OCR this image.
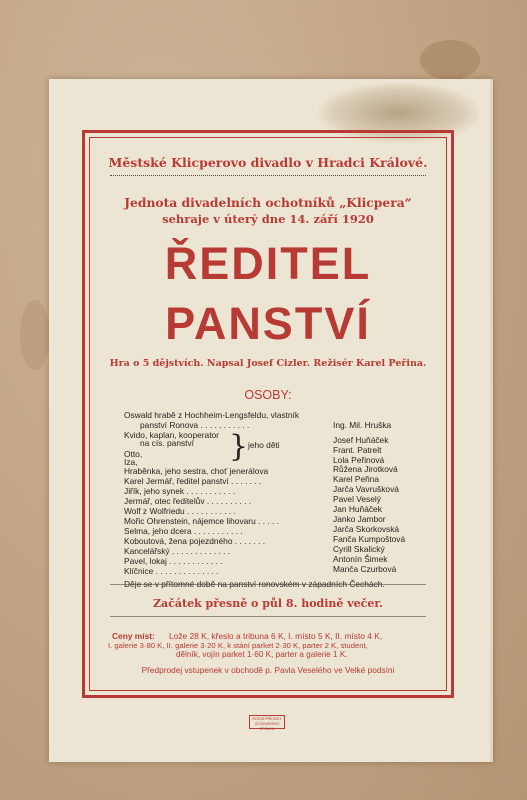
Městské Klicperovo divadlo v Hradci Králové.
Jednota divadelních ochotníků „Klicpera“
sehraje v úterý dne 14. září 1920
ŘEDITEL
PANSTVÍ
Hra o 5 dějstvích. Napsal Josef Cizler. Režisér Karel Peřina.
OSOBY:
Oswald hrabě z Hochheim-Lengsfeldu, vlastník
panství Ronova . . . . . . . . . . .	Ing. Mil. Hruška
Kvido, kaplan, kooperator
na cís. panství	Josef Huňáček
Otto,	Frant. Patrelt
Iza,	Lola Peřinová
Hraběnka, jeho sestra, choť jenerálova	Růžena Jirotková
Karel Jermář, ředitel panství . . . . . . .	Karel Peřina
Jiřík, jeho synek . . . . . . . . . . .	Jarča Vavrušková
Jermář, otec ředitelův . . . . . . . . . .	Pavel Veselý
Wolf z Wolfriedu . . . . . . . . . . .	Jan Huňáček
Mořic Ohrenstein, nájemce lihovaru . . . . .	Janko Jambor
Selma, jeho dcera . . . . . . . . . . .	Jarča Skorkovská
Koboutová, žena pojezdného . . . . . . .	Fanča Kumpoštová
Kancelářský . . . . . . . . . . . . .	Cyrill Skalický
Pavel, lokaj . . . . . . . . . . . .	Antonín Šimek
Klíčnice . . . . . . . . . . . . . .	Manča Czurbová
} jeho děti
Děje se v přítomné době na panství ronovském v západních Čechách.
Začátek přesně o půl 8. hodině večer.
Ceny míst: Lože 28 K, křeslo a tribuna 6 K, I. místo 5 K, II. místo 4 K,
I. galerie 3·80 K, II. galerie 3·20 K, k stání parket 2·30 K, parter 2 K, student,
dělník, vojín parket 1·60 K, parter a galerie 1 K.
Předprodej vstupenek v obchodě p. Pavla Veselého ve Velké podsíni
ROCNÍ PŘÍHODY VOJENSKÉHO SPOLKU
